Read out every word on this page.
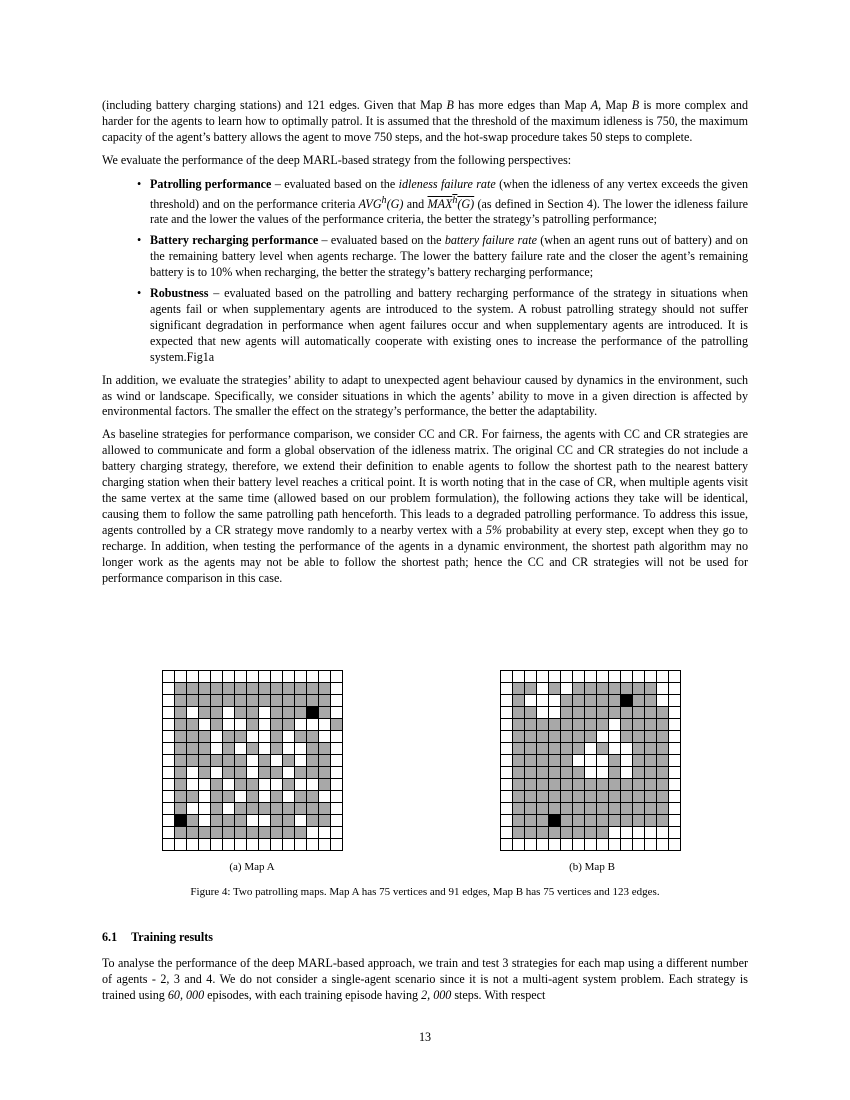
(including battery charging stations) and 121 edges. Given that Map B has more edges than Map A, Map B is more complex and harder for the agents to learn how to optimally patrol. It is assumed that the threshold of the maximum idleness is 750, the maximum capacity of the agent’s battery allows the agent to move 750 steps, and the hot-swap procedure takes 50 steps to complete.

We evaluate the performance of the deep MARL-based strategy from the following perspectives:

• Patrolling performance – evaluated based on the idleness failure rate (when the idleness of any vertex exceeds the given threshold) and on the performance criteria AVG$^h$(G) and MAX$^h$(G) (as defined in Section 4). The lower the idleness failure rate and the lower the values of the performance criteria, the better the strategy’s patrolling performance;
• Battery recharging performance – evaluated based on the battery failure rate (when an agent runs out of battery) and on the remaining battery level when agents recharge. The lower the battery failure rate and the closer the agent’s remaining battery is to 10% when recharging, the better the strategy’s battery recharging performance;
• Robustness – evaluated based on the patrolling and battery recharging performance of the strategy in situations when agents fail or when supplementary agents are introduced to the system. A robust patrolling strategy should not suffer significant degradation in performance when agent failures occur and when supplementary agents are introduced. It is expected that new agents will automatically cooperate with existing ones to increase the performance of the patrolling system.Fig1a

In addition, we evaluate the strategies’ ability to adapt to unexpected agent behaviour caused by dynamics in the environment, such as wind or landscape. Specifically, we consider situations in which the agents’ ability to move in a given direction is affected by environmental factors. The smaller the effect on the strategy’s performance, the better the adaptability.

As baseline strategies for performance comparison, we consider CC and CR. For fairness, the agents with CC and CR strategies are allowed to communicate and form a global observation of the idleness matrix. The original CC and CR strategies do not include a battery charging strategy, therefore, we extend their definition to enable agents to follow the shortest path to the nearest battery charging station when their battery level reaches a critical point. It is worth noting that in the case of CR, when multiple agents visit the same vertex at the same time (allowed based on our problem formulation), the following actions they take will be identical, causing them to follow the same patrolling path henceforth. This leads to a degraded patrolling performance. To address this issue, agents controlled by a CR strategy move randomly to a nearby vertex with a 5% probability at every step, except when they go to recharge. In addition, when testing the performance of the agents in a dynamic environment, the shortest path algorithm may no longer work as the agents may not be able to follow the shortest path; hence the CC and CR strategies will not be used for performance comparison in this case.

(a) Map A	(b) Map B
Figure 4: Two patrolling maps. Map A has 75 vertices and 91 edges, Map B has 75 vertices and 123 edges.
6.1 Training results

To analyse the performance of the deep MARL-based approach, we train and test 3 strategies for each map using a different number of agents - 2, 3 and 4. We do not consider a single-agent scenario since it is not a multi-agent system problem. Each strategy is trained using 60, 000 episodes, with each training episode having 2, 000 steps. With respect

13
